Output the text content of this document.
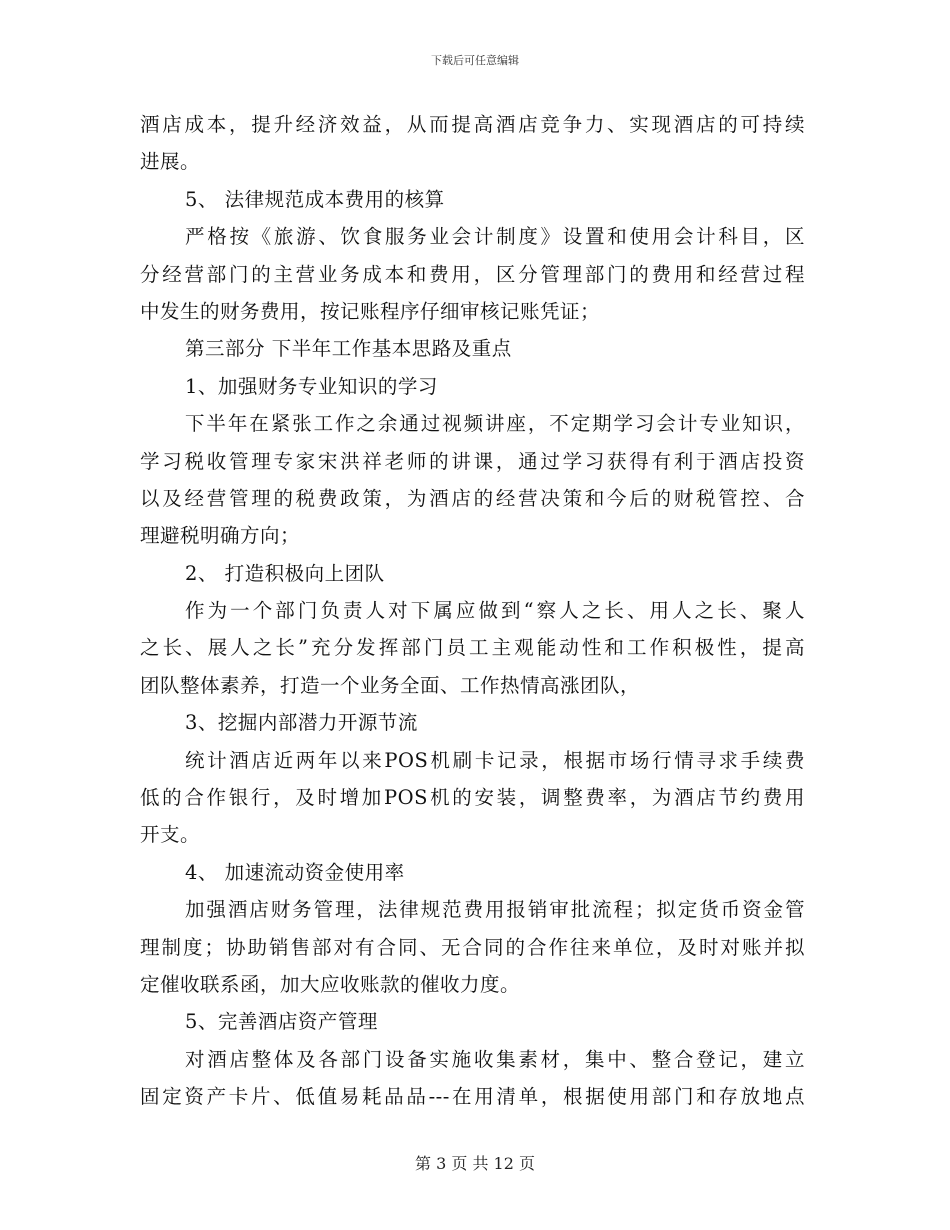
下载后可任意编辑
酒店成本，提升经济效益，从而提高酒店竞争力、实现酒店的可持续
进展。
5、 法律规范成本费用的核算
严格按《旅游、饮食服务业会计制度》设置和使用会计科目，区
分经营部门的主营业务成本和费用，区分管理部门的费用和经营过程
中发生的财务费用，按记账程序仔细审核记账凭证；
第三部分 下半年工作基本思路及重点
1、加强财务专业知识的学习
下半年在紧张工作之余通过视频讲座，不定期学习会计专业知识，
学习税收管理专家宋洪祥老师的讲课，通过学习获得有利于酒店投资
以及经营管理的税费政策，为酒店的经营决策和今后的财税管控、合
理避税明确方向；
2、 打造积极向上团队
作为一个部门负责人对下属应做到“察人之长、用人之长、聚人
之长、展人之长”充分发挥部门员工主观能动性和工作积极性，提高
团队整体素养，打造一个业务全面、工作热情高涨团队，
3、挖掘内部潜力开源节流
统计酒店近两年以来POS机刷卡记录，根据市场行情寻求手续费
低的合作银行，及时增加POS机的安装，调整费率，为酒店节约费用
开支。
4、 加速流动资金使用率
加强酒店财务管理，法律规范费用报销审批流程；拟定货币资金管
理制度；协助销售部对有合同、无合同的合作往来单位，及时对账并拟
定催收联系函，加大应收账款的催收力度。
5、完善酒店资产管理
对酒店整体及各部门设备实施收集素材，集中、整合登记，建立
固定资产卡片、低值易耗品品---在用清单，根据使用部门和存放地点
第 3 页 共 12 页
